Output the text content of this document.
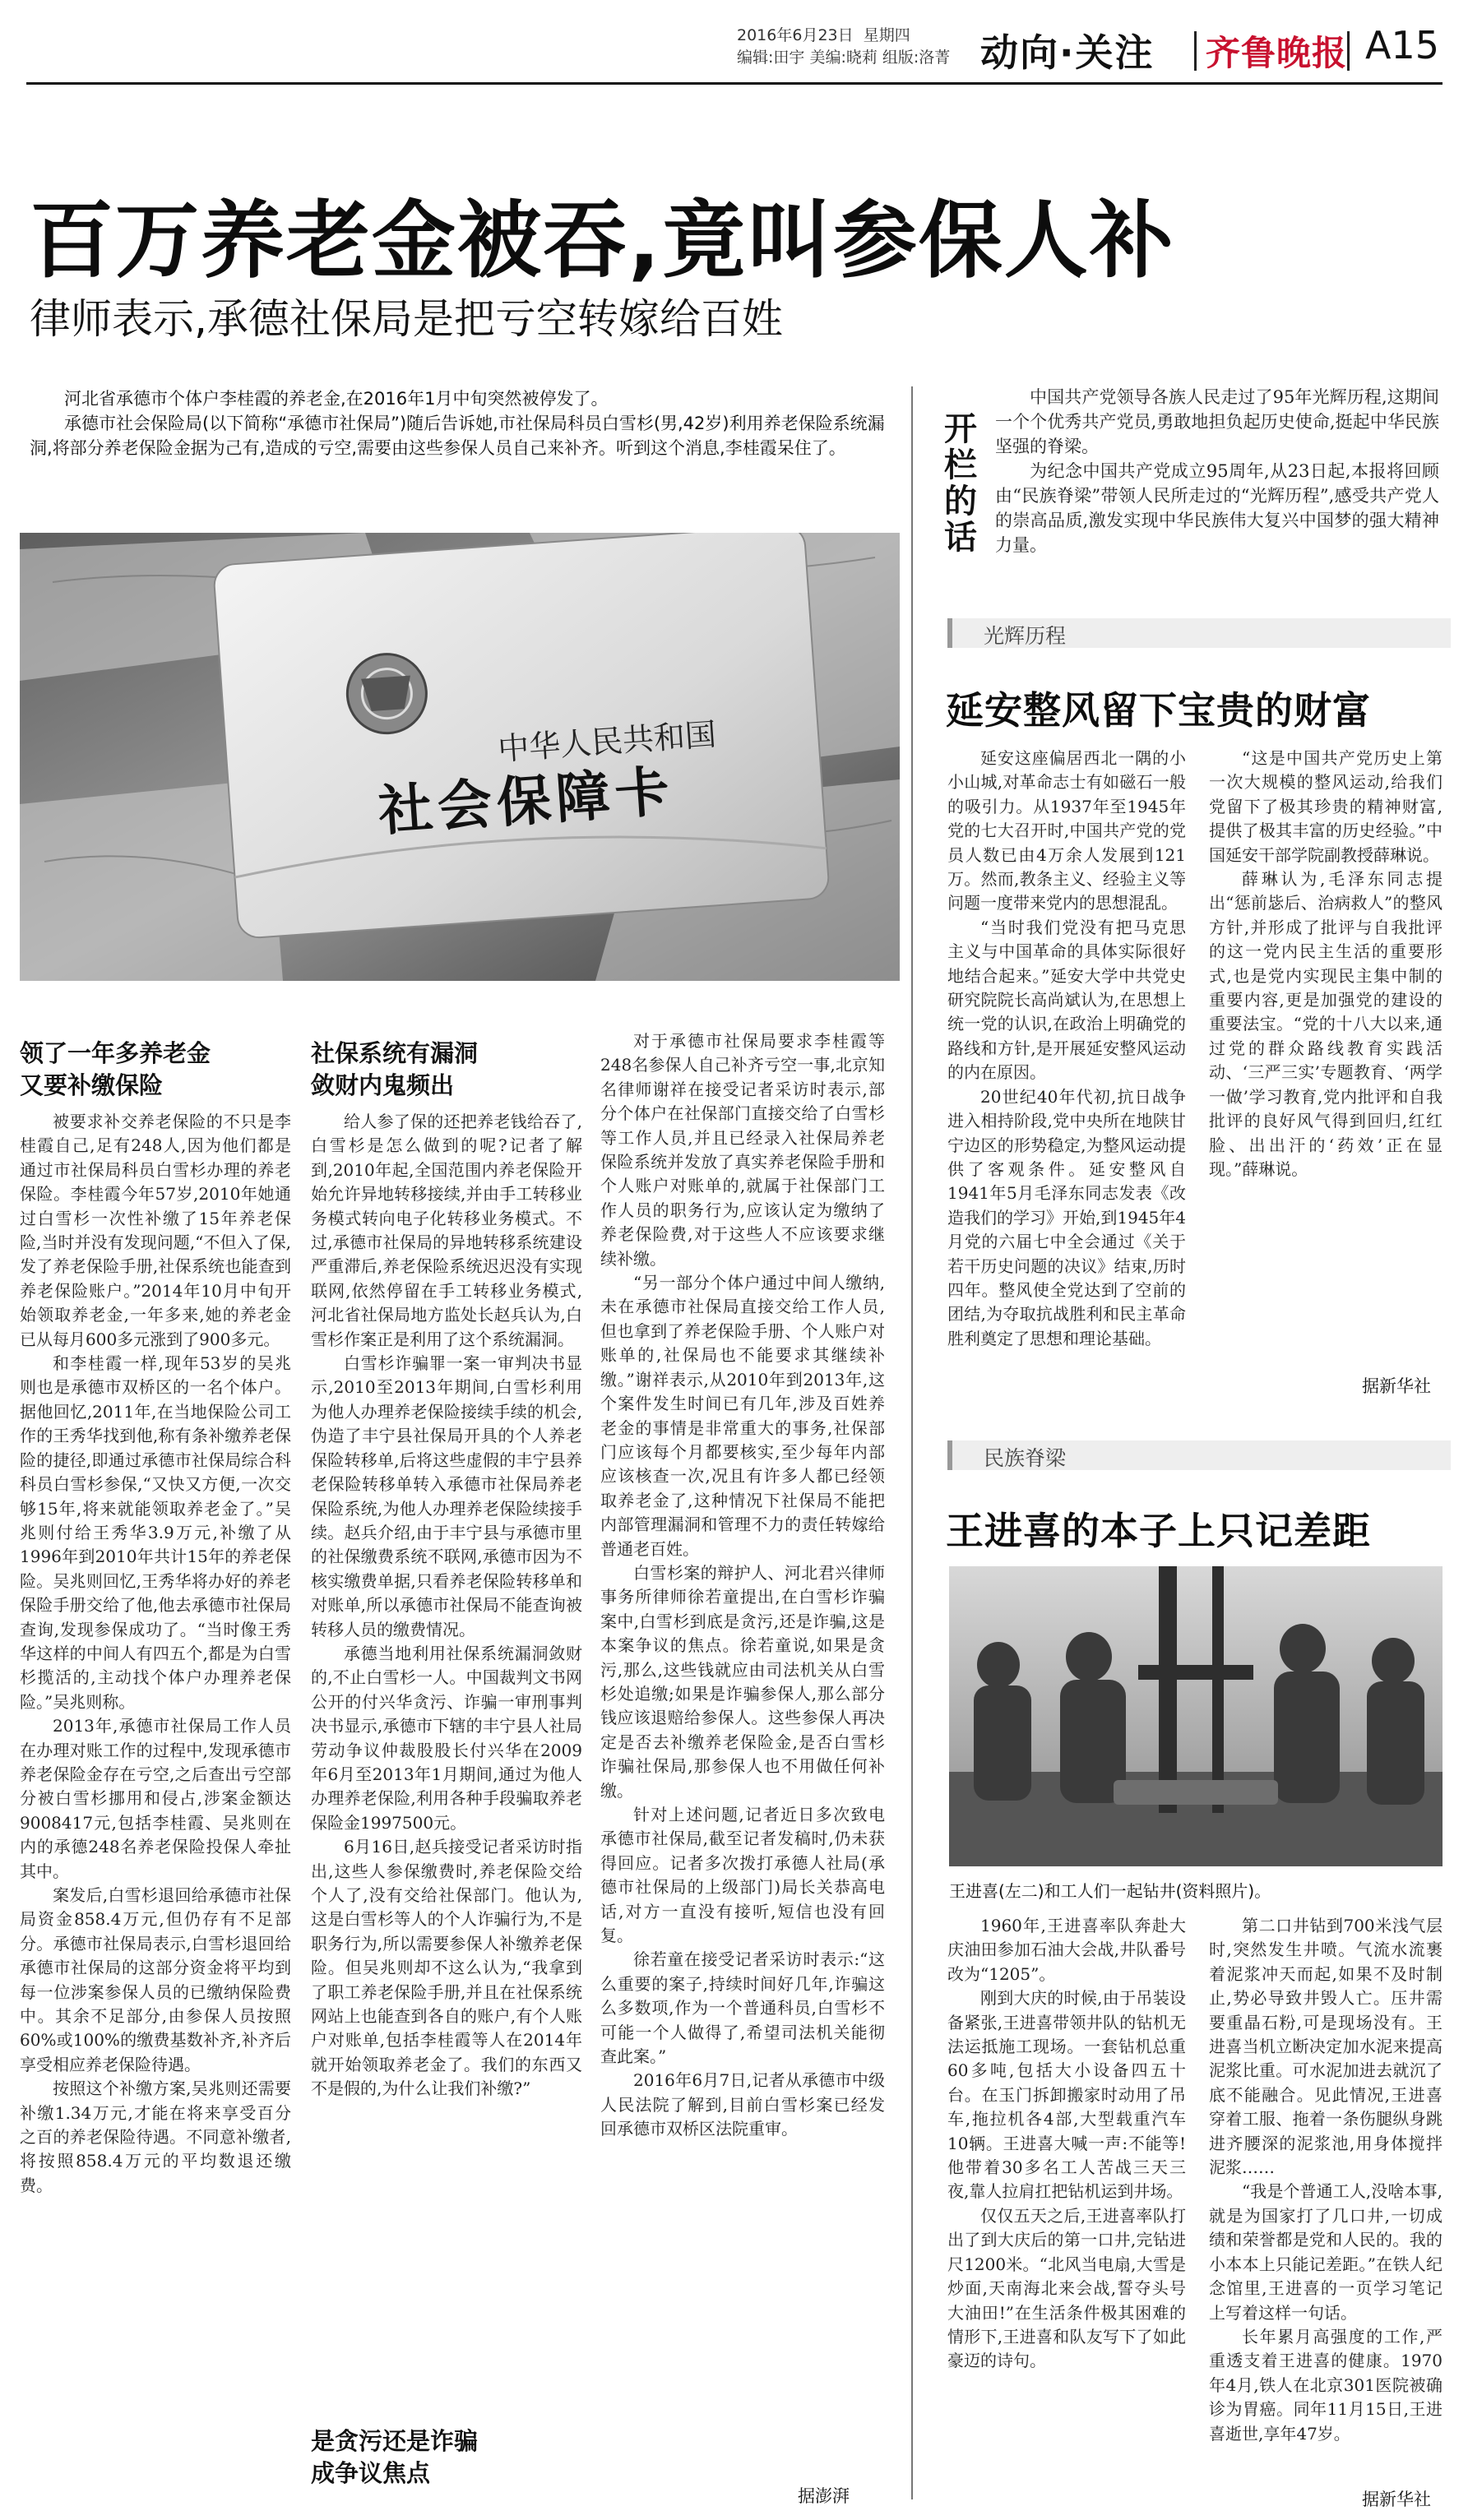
2016年6月23日 星期四
编辑:田宇 美编:晓莉 组版:洛菁 动向·关注 齐鲁晚报 A15
百万养老金被吞,竟叫参保人补
律师表示,承德社保局是把亏空转嫁给百姓

河北省承德市个体户李桂霞的养老金,在2016年1月中旬突然被停发了。

承德市社会保险局(以下简称“承德市社保局”)随后告诉她,市社保局科员白雪杉(男,42岁)利用养老保险系统漏洞,将部分养老保险金据为己有,造成的亏空,需要由这些参保人员自己来补齐。听到这个消息,李桂霞呆住了。

中华人民共和国
社会保障卡
领了一年多养老金
又要补缴保险

被要求补交养老保险的不只是李桂霞自己,足有248人,因为他们都是通过市社保局科员白雪杉办理的养老保险。李桂霞今年57岁,2010年她通过白雪杉一次性补缴了15年养老保险,当时并没有发现问题,“不但入了保,发了养老保险手册,社保系统也能查到养老保险账户。”2014年10月中旬开始领取养老金,一年多来,她的养老金已从每月600多元涨到了900多元。

和李桂霞一样,现年53岁的吴兆则也是承德市双桥区的一名个体户。据他回忆,2011年,在当地保险公司工作的王秀华找到他,称有条补缴养老保险的捷径,即通过承德市社保局综合科科员白雪杉参保,“又快又方便,一次交够15年,将来就能领取养老金了。”吴兆则付给王秀华3.9万元,补缴了从1996年到2010年共计15年的养老保险。吴兆则回忆,王秀华将办好的养老保险手册交给了他,他去承德市社保局查询,发现参保成功了。“当时像王秀华这样的中间人有四五个,都是为白雪杉揽活的,主动找个体户办理养老保险。”吴兆则称。

2013年,承德市社保局工作人员在办理对账工作的过程中,发现承德市养老保险金存在亏空,之后查出亏空部分被白雪杉挪用和侵占,涉案金额达9008417元,包括李桂霞、吴兆则在内的承德248名养老保险投保人牵扯其中。

案发后,白雪杉退回给承德市社保局资金858.4万元,但仍存有不足部分。承德市社保局表示,白雪杉退回给承德市社保局的这部分资金将平均到每一位涉案参保人员的已缴纳保险费中。其余不足部分,由参保人员按照60%或100%的缴费基数补齐,补齐后享受相应养老保险待遇。

按照这个补缴方案,吴兆则还需要补缴1.34万元,才能在将来享受百分之百的养老保险待遇。不同意补缴者,将按照858.4万元的平均数退还缴费。

社保系统有漏洞
敛财内鬼频出

给人参了保的还把养老钱给吞了,白雪杉是怎么做到的呢?记者了解到,2010年起,全国范围内养老保险开始允许异地转移接续,并由手工转移业务模式转向电子化转移业务模式。不过,承德市社保局的异地转移系统建设严重滞后,养老保险系统迟迟没有实现联网,依然停留在手工转移业务模式,河北省社保局地方监处长赵兵认为,白雪杉作案正是利用了这个系统漏洞。

白雪杉诈骗罪一案一审判决书显示,2010至2013年期间,白雪杉利用为他人办理养老保险接续手续的机会,伪造了丰宁县社保局开具的个人养老保险转移单,后将这些虚假的丰宁县养老保险转移单转入承德市社保局养老保险系统,为他人办理养老保险续接手续。赵兵介绍,由于丰宁县与承德市里的社保缴费系统不联网,承德市因为不核实缴费单据,只看养老保险转移单和对账单,所以承德市社保局不能查询被转移人员的缴费情况。

承德当地利用社保系统漏洞敛财的,不止白雪杉一人。中国裁判文书网公开的付兴华贪污、诈骗一审刑事判决书显示,承德市下辖的丰宁县人社局劳动争议仲裁股股长付兴华在2009年6月至2013年1月期间,通过为他人办理养老保险,利用各种手段骗取养老保险金1997500元。

6月16日,赵兵接受记者采访时指出,这些人参保缴费时,养老保险交给个人了,没有交给社保部门。他认为,这是白雪杉等人的个人诈骗行为,不是职务行为,所以需要参保人补缴养老保险。但吴兆则却不这么认为,“我拿到了职工养老保险手册,并且在社保系统网站上也能查到各自的账户,有个人账户对账单,包括李桂霞等人在2014年就开始领取养老金了。我们的东西又不是假的,为什么让我们补缴?”

是贪污还是诈骗
成争议焦点

对于承德市社保局要求李桂霞等248名参保人自己补齐亏空一事,北京知名律师谢祥在接受记者采访时表示,部分个体户在社保部门直接交给了白雪杉等工作人员,并且已经录入社保局养老保险系统并发放了真实养老保险手册和个人账户对账单的,就属于社保部门工作人员的职务行为,应该认定为缴纳了养老保险费,对于这些人不应该要求继续补缴。

“另一部分个体户通过中间人缴纳,未在承德市社保局直接交给工作人员,但也拿到了养老保险手册、个人账户对账单的,社保局也不能要求其继续补缴。”谢祥表示,从2010年到2013年,这个案件发生时间已有几年,涉及百姓养老金的事情是非常重大的事务,社保部门应该每个月都要核实,至少每年内部应该核查一次,况且有许多人都已经领取养老金了,这种情况下社保局不能把内部管理漏洞和管理不力的责任转嫁给普通老百姓。

白雪杉案的辩护人、河北君兴律师事务所律师徐若童提出,在白雪杉诈骗案中,白雪杉到底是贪污,还是诈骗,这是本案争议的焦点。徐若童说,如果是贪污,那么,这些钱就应由司法机关从白雪杉处追缴;如果是诈骗参保人,那么部分钱应该退赔给参保人。这些参保人再决定是否去补缴养老保险金,是否白雪杉诈骗社保局,那参保人也不用做任何补缴。

针对上述问题,记者近日多次致电承德市社保局,截至记者发稿时,仍未获得回应。记者多次拨打承德人社局(承德市社保局的上级部门)局长关恭高电话,对方一直没有接听,短信也没有回复。

徐若童在接受记者采访时表示:“这么重要的案子,持续时间好几年,诈骗这么多数项,作为一个普通科员,白雪杉不可能一个人做得了,希望司法机关能彻查此案。”

2016年6月7日,记者从承德市中级人民法院了解到,目前白雪杉案已经发回承德市双桥区法院重审。

据澎湃
开栏的话

中国共产党领导各族人民走过了95年光辉历程,这期间一个个优秀共产党员,勇敢地担负起历史使命,挺起中华民族坚强的脊梁。

为纪念中国共产党成立95周年,从23日起,本报将回顾由“民族脊梁”带领人民所走过的“光辉历程”,感受共产党人的崇高品质,激发实现中华民族伟大复兴中国梦的强大精神力量。

光辉历程
延安整风留下宝贵的财富

延安这座偏居西北一隅的小小山城,对革命志士有如磁石一般的吸引力。从1937年至1945年党的七大召开时,中国共产党的党员人数已由4万余人发展到121万。然而,教条主义、经验主义等问题一度带来党内的思想混乱。

“当时我们党没有把马克思主义与中国革命的具体实际很好地结合起来。”延安大学中共党史研究院院长高尚斌认为,在思想上统一党的认识,在政治上明确党的路线和方针,是开展延安整风运动的内在原因。

20世纪40年代初,抗日战争进入相持阶段,党中央所在地陕甘宁边区的形势稳定,为整风运动提供了客观条件。延安整风自1941年5月毛泽东同志发表《改造我们的学习》开始,到1945年4月党的六届七中全会通过《关于若干历史问题的决议》结束,历时四年。整风使全党达到了空前的团结,为夺取抗战胜利和民主革命胜利奠定了思想和理论基础。

“这是中国共产党历史上第一次大规模的整风运动,给我们党留下了极其珍贵的精神财富,提供了极其丰富的历史经验。”中国延安干部学院副教授薛琳说。

薛琳认为,毛泽东同志提出“惩前毖后、治病救人”的整风方针,并形成了批评与自我批评的这一党内民主生活的重要形式,也是党内实现民主集中制的重要内容,更是加强党的建设的重要法宝。“党的十八大以来,通过党的群众路线教育实践活动、‘三严三实’专题教育、‘两学一做’学习教育,党内批评和自我批评的良好风气得到回归,红红脸、出出汗的‘药效’正在显现。”薛琳说。

据新华社
民族脊梁
王进喜的本子上只记差距
王进喜(左二)和工人们一起钻井(资料照片)。

1960年,王进喜率队奔赴大庆油田参加石油大会战,井队番号改为“1205”。

刚到大庆的时候,由于吊装设备紧张,王进喜带领井队的钻机无法运抵施工现场。一套钻机总重60多吨,包括大小设备四五十台。在玉门拆卸搬家时动用了吊车,拖拉机各4部,大型载重汽车10辆。王进喜大喊一声:不能等!他带着30多名工人苦战三天三夜,靠人拉肩扛把钻机运到井场。

仅仅五天之后,王进喜率队打出了到大庆后的第一口井,完钻进尺1200米。“北风当电扇,大雪是炒面,天南海北来会战,誓夺头号大油田!”在生活条件极其困难的情形下,王进喜和队友写下了如此豪迈的诗句。

第二口井钻到700米浅气层时,突然发生井喷。气流水流裹着泥浆冲天而起,如果不及时制止,势必导致井毁人亡。压井需要重晶石粉,可是现场没有。王进喜当机立断决定加水泥来提高泥浆比重。可水泥加进去就沉了底不能融合。见此情况,王进喜穿着工服、拖着一条伤腿纵身跳进齐腰深的泥浆池,用身体搅拌泥浆……

“我是个普通工人,没啥本事,就是为国家打了几口井,一切成绩和荣誉都是党和人民的。我的小本本上只能记差距。”在铁人纪念馆里,王进喜的一页学习笔记上写着这样一句话。

长年累月高强度的工作,严重透支着王进喜的健康。1970年4月,铁人在北京301医院被确诊为胃癌。同年11月15日,王进喜逝世,享年47岁。

据新华社
